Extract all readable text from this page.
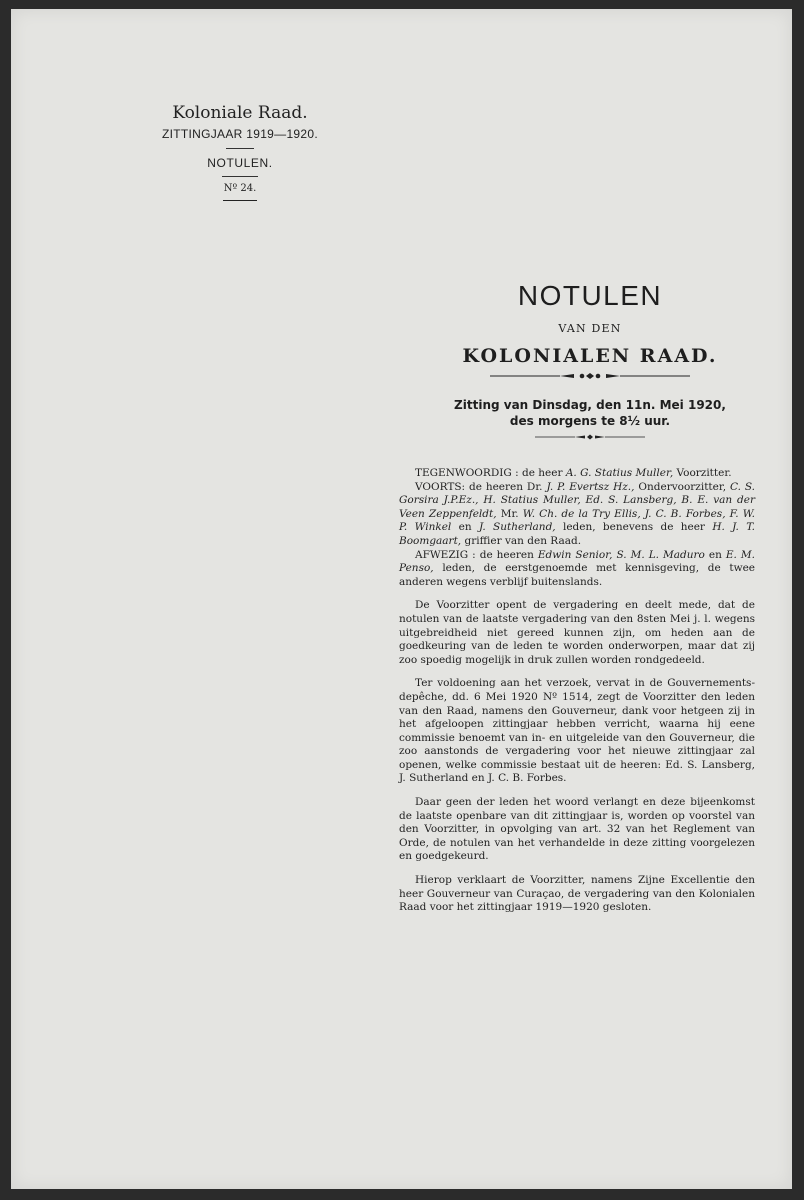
Koloniale Raad.
ZITTINGJAAR 1919—1920.
NOTULEN.
Nº 24.
NOTULEN
VAN DEN
KOLONIALEN RAAD.
Zitting van Dinsdag, den 11n. Mei 1920,
des morgens te 8½ uur.

TEGENWOORDIG : de heer A. G. Statius Muller, Voorzitter.

VOORTS: de heeren Dr. J. P. Evertsz Hz., Ondervoorzitter, C. S. Gorsira J.P.Ez., H. Statius Muller, Ed. S. Lansberg, B. E. van der Veen Zeppenfeldt, Mr. W. Ch. de la Try Ellis, J. C. B. Forbes, F. W. P. Winkel en J. Sutherland, leden, benevens de heer H. J. T. Boomgaart, griffier van den Raad.

AFWEZIG : de heeren Edwin Senior, S. M. L. Maduro en E. M. Penso, leden, de eerstgenoemde met kennisgeving, de twee anderen wegens verblijf buitenslands.

De Voorzitter opent de vergadering en deelt mede, dat de notulen van de laatste vergadering van den 8sten Mei j. l. wegens uitgebreidheid niet gereed kunnen zijn, om heden aan de goedkeuring van de leden te worden onderworpen, maar dat zij zoo spoedig mogelijk in druk zullen worden rondgedeeld.

Ter voldoening aan het verzoek, vervat in de Gouvernements-depêche, dd. 6 Mei 1920 Nº 1514, zegt de Voorzitter den leden van den Raad, namens den Gouverneur, dank voor hetgeen zij in het afgeloopen zittingjaar hebben verricht, waarna hij eene commissie benoemt van in- en uitgeleide van den Gouverneur, die zoo aanstonds de vergadering voor het nieuwe zittingjaar zal openen, welke commissie bestaat uit de heeren: Ed. S. Lansberg, J. Sutherland en J. C. B. Forbes.

Daar geen der leden het woord verlangt en deze bijeenkomst de laatste openbare van dit zittingjaar is, worden op voorstel van den Voorzitter, in opvolging van art. 32 van het Reglement van Orde, de notulen van het verhandelde in deze zitting voorgelezen en goedgekeurd.

Hierop verklaart de Voorzitter, namens Zijne Excellentie den heer Gouverneur van Curaçao, de vergadering van den Kolonialen Raad voor het zittingjaar 1919—1920 gesloten.
